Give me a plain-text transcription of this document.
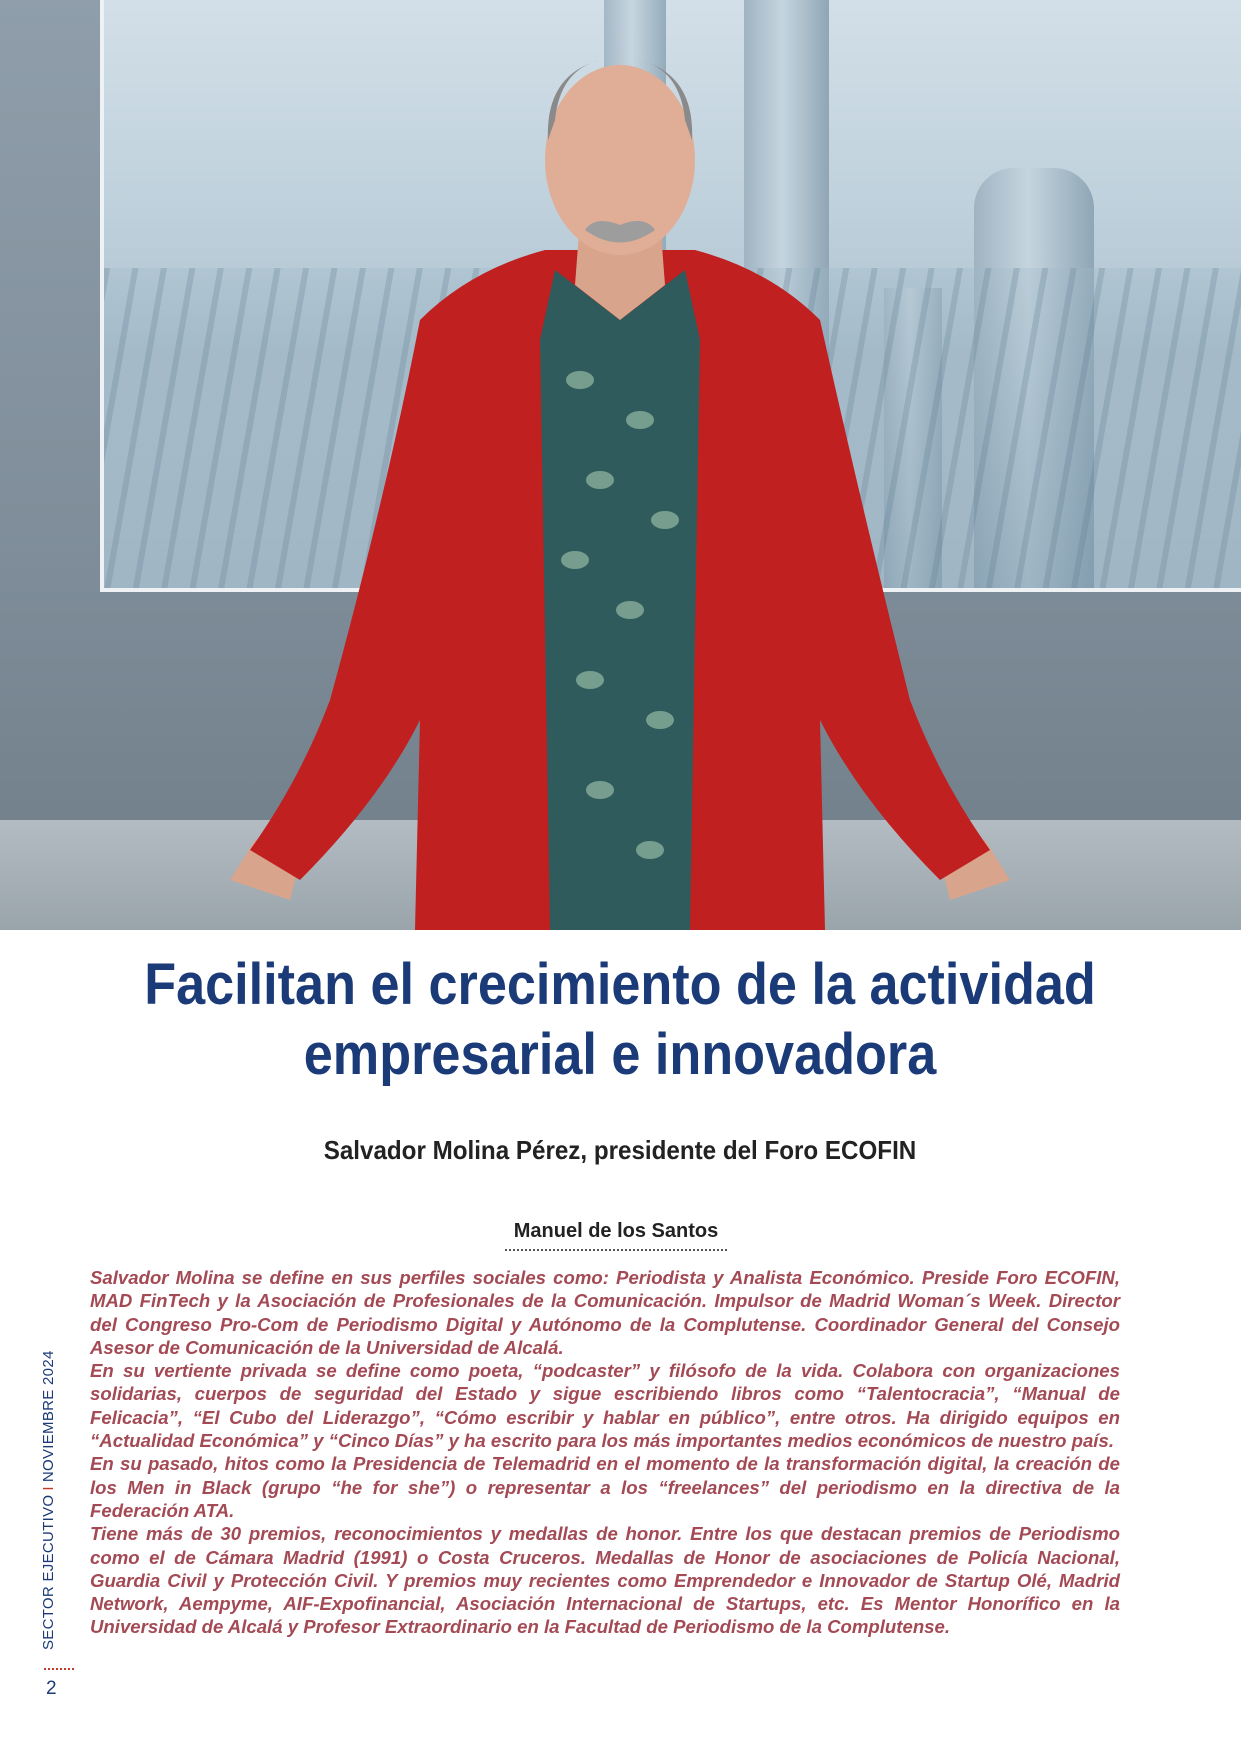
Facilitan el crecimiento de la actividad empresarial e innovadora
Salvador Molina Pérez, presidente del Foro ECOFIN
Manuel de los Santos

Salvador Molina se define en sus perfiles sociales como: Periodista y Analista Económico. Preside Foro ECOFIN, MAD FinTech y la Asociación de Profesionales de la Comunicación. Impulsor de Madrid Woman´s Week. Director del Congreso Pro-Com de Periodismo Digital y Autónomo de la Complutense. Coordinador General del Consejo Asesor de Comunicación de la Universidad de Alcalá.

En su vertiente privada se define como poeta, “podcaster” y filósofo de la vida. Colabora con organizaciones solidarias, cuerpos de seguridad del Estado y sigue escribiendo libros como “Talentocracia”, “Manual de Felicacia”, “El Cubo del Liderazgo”, “Cómo escribir y hablar en público”, entre otros. Ha dirigido equipos en “Actualidad Económica” y “Cinco Días” y ha escrito para los más importantes medios económicos de nuestro país.

En su pasado, hitos como la Presidencia de Telemadrid en el momento de la transformación digital, la creación de los Men in Black (grupo “he for she”) o representar a los “freelances” del periodismo en la directiva de la Federación ATA.

Tiene más de 30 premios, reconocimientos y medallas de honor. Entre los que destacan premios de Periodismo como el de Cámara Madrid (1991) o Costa Cruceros. Medallas de Honor de asociaciones de Policía Nacional, Guardia Civil y Protección Civil. Y premios muy recientes como Emprendedor e Innovador de Startup Olé, Madrid Network, Aempyme, AIF-Expofinancial, Asociación Internacional de Startups, etc. Es Mentor Honorífico en la Universidad de Alcalá y Profesor Extraordinario en la Facultad de Periodismo de la Complutense.

SECTOR EJECUTIVOINOVIEMBRE 2024
2
